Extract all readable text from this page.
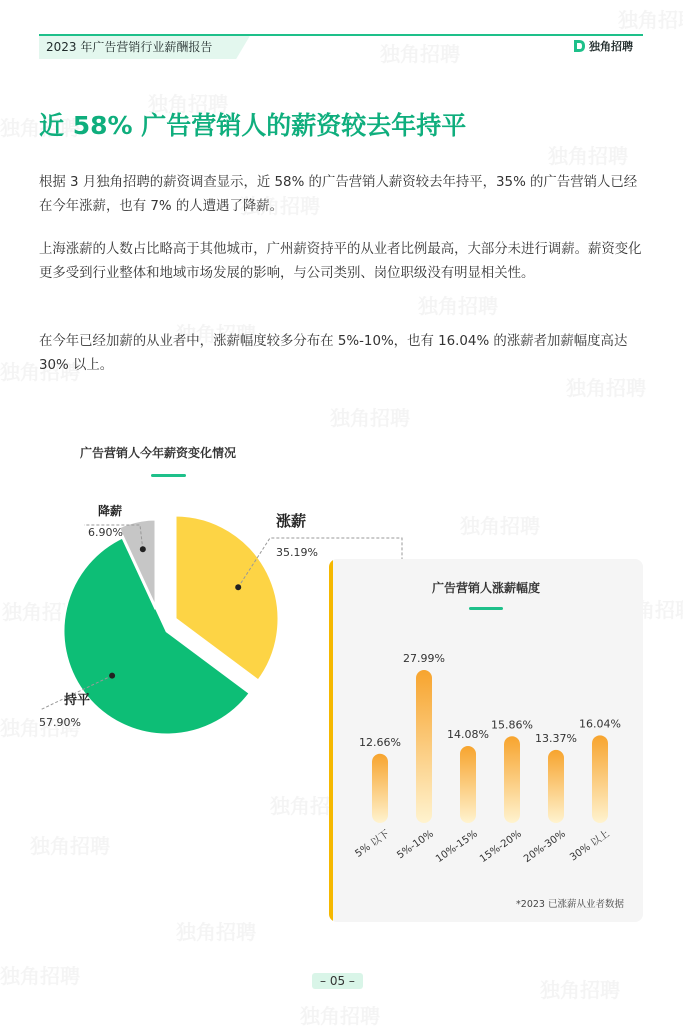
2023 年广告营销行业薪酬报告	独角招聘
近 58% 广告营销人的薪资较去年持平

根据 3 月独角招聘的薪资调查显示，近 58% 的广告营销人薪资较去年持平，35% 的广告营销人已经在今年涨薪，也有 7% 的人遭遇了降薪。

上海涨薪的人数占比略高于其他城市，广州薪资持平的从业者比例最高，大部分未进行调薪。薪资变化更多受到行业整体和地域市场发展的影响，与公司类别、岗位职级没有明显相关性。

在今年已经加薪的从业者中，涨薪幅度较多分布在 5%-10%，也有 16.04% 的涨薪者加薪幅度高达 30% 以上。

广告营销人今年薪资变化情况
涨薪
35.19%
降薪
6.90%
持平
57.90%
广告营销人涨薪幅度
12.66%
5% 以下
27.99%
5%-10%
14.08%
10%-15%
15.86%
15%-20%
13.37%
20%-30%
16.04%
30% 以上
*2023 已涨薪从业者数据
– 05 –
